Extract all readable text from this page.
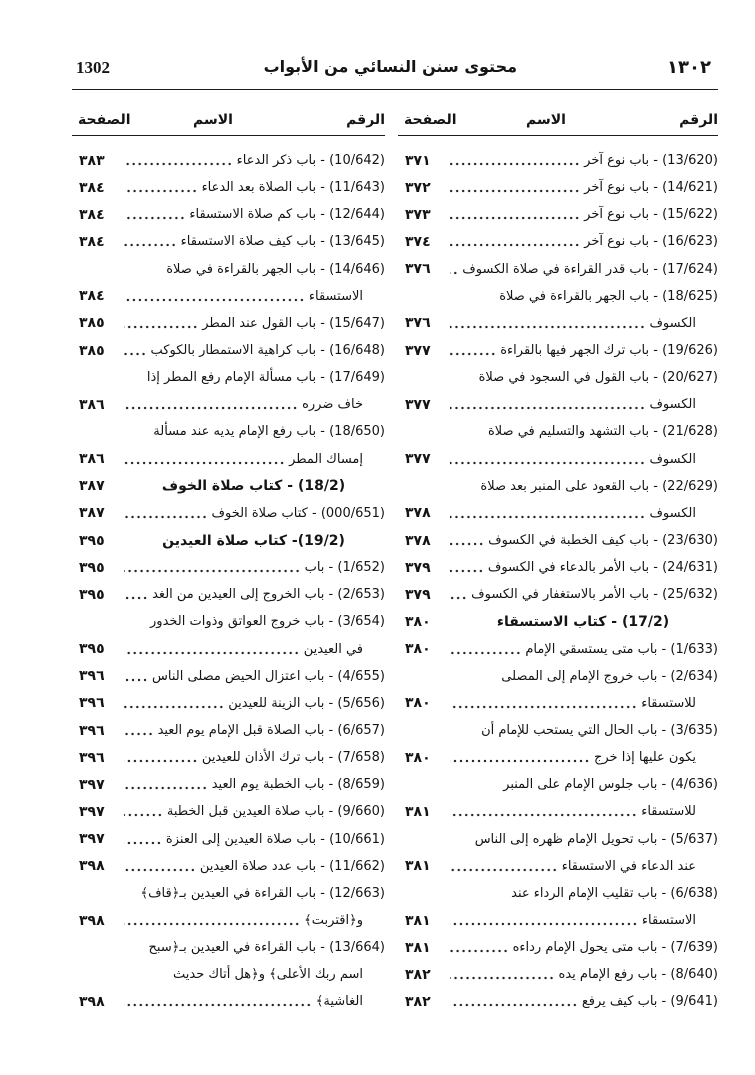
١٣٠٢
محتوى سنن النسائي من الأبواب
1302
الرقم
الاسم
الصفحة
(13/620) - باب نوع آخر
٣٧١
(14/621) - باب نوع آخر
٣٧٢
(15/622) - باب نوع آخر
٣٧٣
(16/623) - باب نوع آخر
٣٧٤
(17/624) - باب قدر القراءة في صلاة الكسوف
٣٧٦
(18/625) - باب الجهر بالقراءة في صلاة
الكسوف
٣٧٦
(19/626) - باب ترك الجهر فيها بالقراءة
٣٧٧
(20/627) - باب القول في السجود في صلاة
الكسوف
٣٧٧
(21/628) - باب التشهد والتسليم في صلاة
الكسوف
٣٧٧
(22/629) - باب القعود على المنبر بعد صلاة
الكسوف
٣٧٨
(23/630) - باب كيف الخطبة في الكسوف
٣٧٨
(24/631) - باب الأمر بالدعاء في الكسوف
٣٧٩
(25/632) - باب الأمر بالاستغفار في الكسوف
٣٧٩
(17/2) - كتاب الاستسقاء
٣٨٠
(1/633) - باب متى يستسقي الإمام
٣٨٠
(2/634) - باب خروج الإمام إلى المصلى
للاستسقاء
٣٨٠
(3/635) - باب الحال التي يستحب للإمام أن
يكون عليها إذا خرج
٣٨٠
(4/636) - باب جلوس الإمام على المنبر
للاستسقاء
٣٨١
(5/637) - باب تحويل الإمام ظهره إلى الناس
عند الدعاء في الاستسقاء
٣٨١
(6/638) - باب تقليب الإمام الرداء عند
الاستسقاء
٣٨١
(7/639) - باب متى يحول الإمام رداءه
٣٨١
(8/640) - باب رفع الإمام يده
٣٨٢
(9/641) - باب كيف يرفع
٣٨٢
الرقم
الاسم
الصفحة
(10/642) - باب ذكر الدعاء
٣٨٣
(11/643) - باب الصلاة بعد الدعاء
٣٨٤
(12/644) - باب كم صلاة الاستسقاء
٣٨٤
(13/645) - باب كيف صلاة الاستسقاء
٣٨٤
(14/646) - باب الجهر بالقراءة في صلاة
الاستسقاء
٣٨٤
(15/647) - باب القول عند المطر
٣٨٥
(16/648) - باب كراهية الاستمطار بالكوكب
٣٨٥
(17/649) - باب مسألة الإمام رفع المطر إذا
خاف ضرره
٣٨٦
(18/650) - باب رفع الإمام يديه عند مسألة
إمساك المطر
٣٨٦
(18/2) - كتاب صلاة الخوف
٣٨٧
(000/651) - كتاب صلاة الخوف
٣٨٧
(19/2)- كتاب صلاة العيدين
٣٩٥
(1/652) - باب
٣٩٥
(2/653) - باب الخروج إلى العيدين من الغد
٣٩٥
(3/654) - باب خروج العواتق وذوات الخدور
في العيدين
٣٩٥
(4/655) - باب اعتزال الحيض مصلى الناس
٣٩٦
(5/656) - باب الزينة للعيدين
٣٩٦
(6/657) - باب الصلاة قبل الإمام يوم العيد
٣٩٦
(7/658) - باب ترك الأذان للعيدين
٣٩٦
(8/659) - باب الخطبة يوم العيد
٣٩٧
(9/660) - باب صلاة العيدين قبل الخطبة
٣٩٧
(10/661) - باب صلاة العيدين إلى العنزة
٣٩٧
(11/662) - باب عدد صلاة العيدين
٣٩٨
(12/663) - باب القراءة في العيدين بـ﴿قاف﴾
و﴿اقتربت﴾
٣٩٨
(13/664) - باب القراءة في العيدين بـ﴿سبح
اسم ربك الأعلى﴾ و﴿هل أتاك حديث
الغاشية﴾
٣٩٨
